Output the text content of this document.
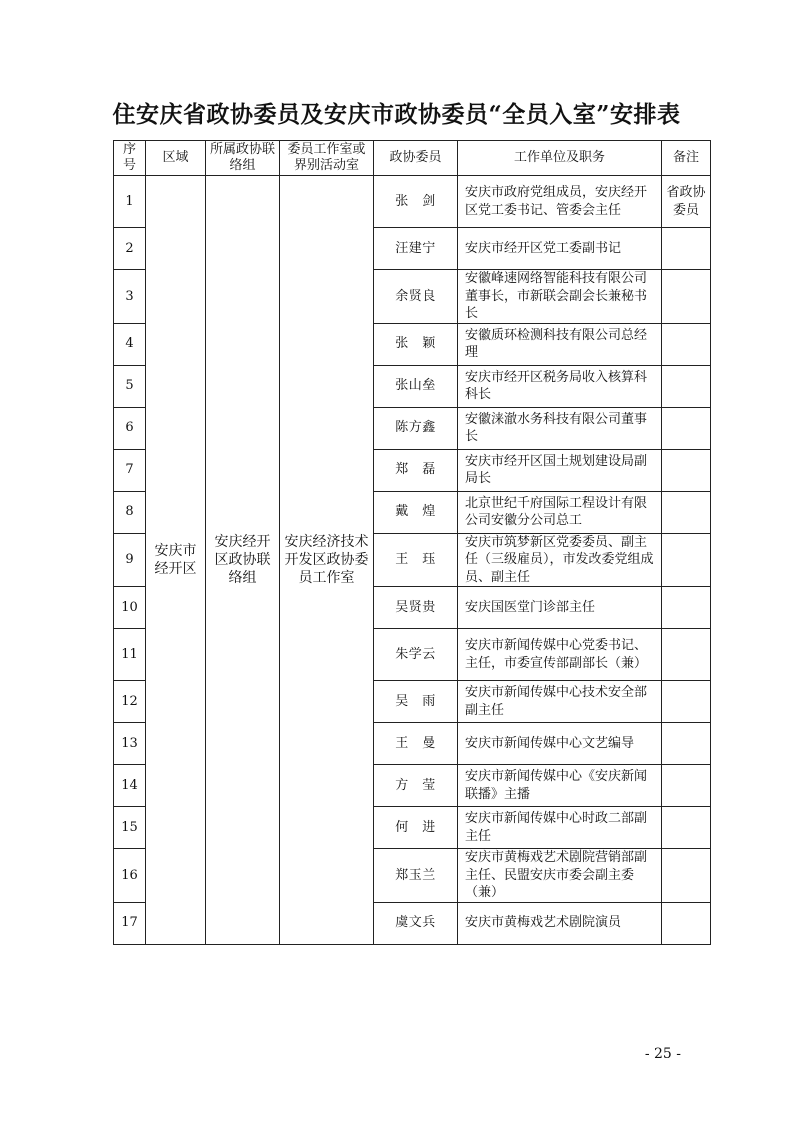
住安庆省政协委员及安庆市政协委员“全员入室”安排表
序号	区域	所属政协联络组	委员工作室或界别活动室	政协委员	工作单位及职务	备注
1	安庆市经开区	安庆经开区政协联络组	安庆经济技术开发区政协委员工作室	张　剑	安庆市政府党组成员，安庆经开区党工委书记、管委会主任	省政协委员
2				汪建宁	安庆市经开区党工委副书记	
3				余贤良	安徽峰速网络智能科技有限公司董事长，市新联会副会长兼秘书长	
4				张　颖	安徽质环检测科技有限公司总经理	
5				张山垒	安庆市经开区税务局收入核算科科长	
6				陈方鑫	安徽涞澈水务科技有限公司董事长	
7				郑　磊	安庆市经开区国土规划建设局副局长	
8				戴　煌	北京世纪千府国际工程设计有限公司安徽分公司总工	
9				王　珏	安庆市筑梦新区党委委员、副主任（三级雇员），市发改委党组成员、副主任	
10				吴贤贵	安庆国医堂门诊部主任	
11				朱学云	安庆市新闻传媒中心党委书记、主任，市委宣传部副部长（兼）	
12				吴　雨	安庆市新闻传媒中心技术安全部副主任	
13				王　曼	安庆市新闻传媒中心文艺编导	
14				方　莹	安庆市新闻传媒中心《安庆新闻联播》主播	
15				何　进	安庆市新闻传媒中心时政二部副主任	
16				郑玉兰	安庆市黄梅戏艺术剧院营销部副主任、民盟安庆市委会副主委（兼）	
17				虞文兵	安庆市黄梅戏艺术剧院演员	
- 25 -
